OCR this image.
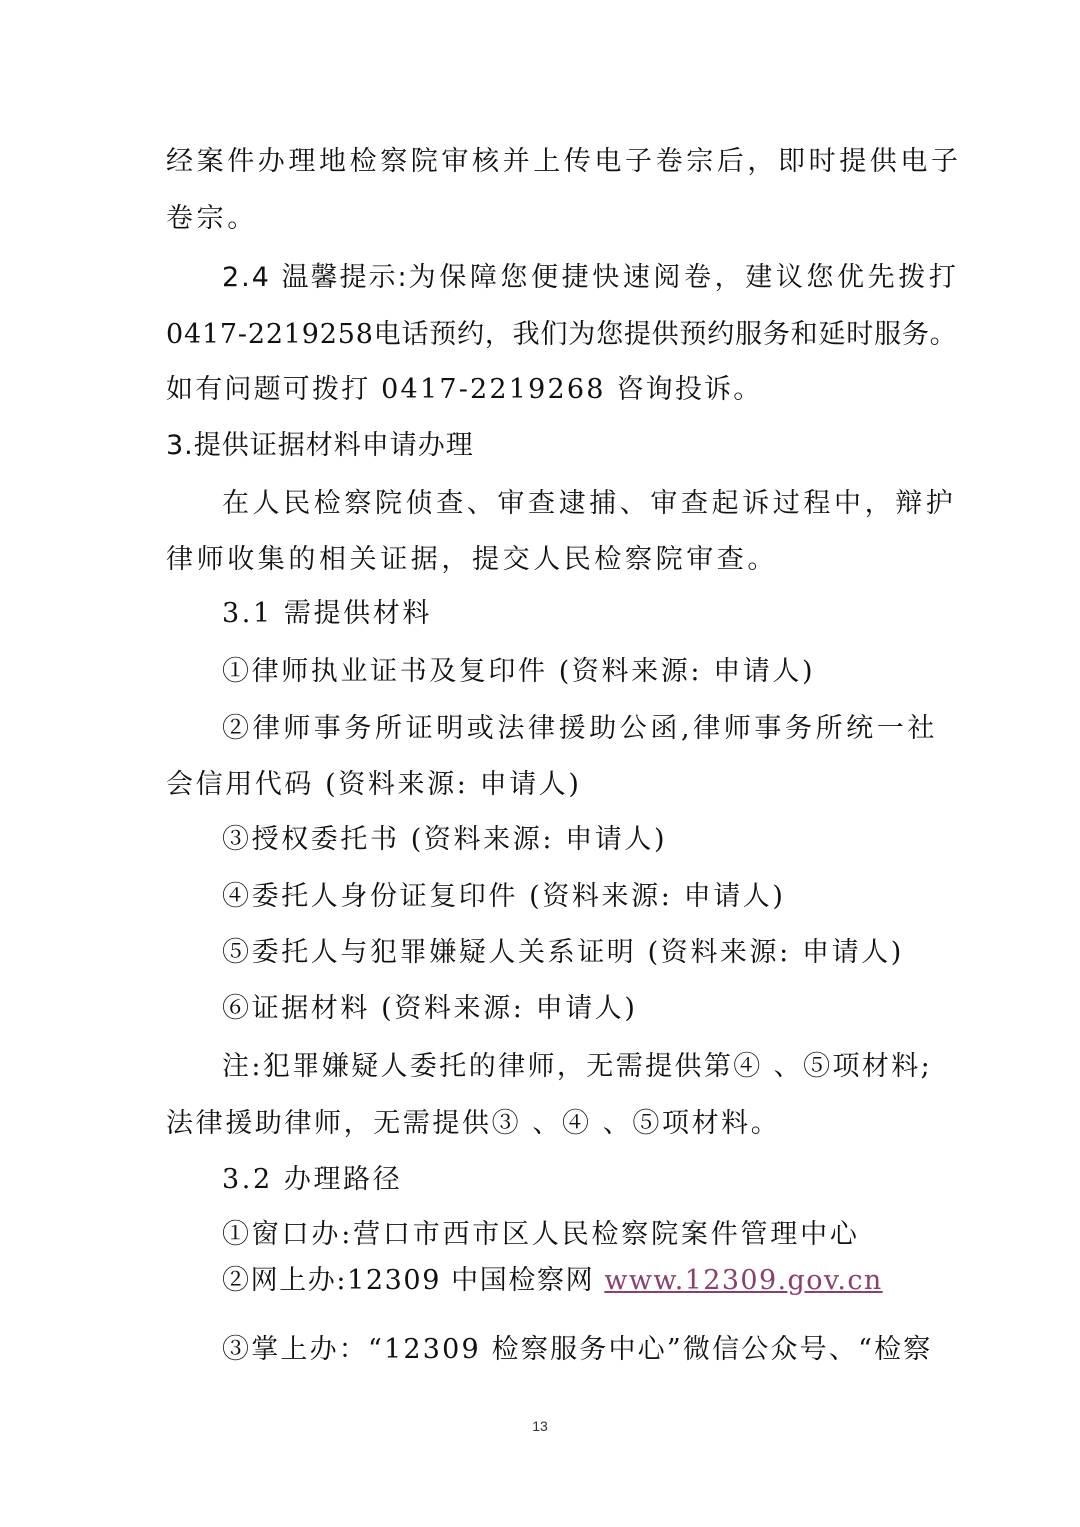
经案件办理地检察院审核并上传电子卷宗后，即时提供电子
卷宗。
2.4 温馨提示:为保障您便捷快速阅卷，建议您优先拨打
0417-2219258电话预约，我们为您提供预约服务和延时服务。
如有问题可拨打 0417-2219268 咨询投诉。
3.提供证据材料申请办理
在人民检察院侦查、审查逮捕、审查起诉过程中，辩护
律师收集的相关证据，提交人民检察院审查。
3.1 需提供材料
①律师执业证书及复印件 (资料来源: 申请人)
②律师事务所证明或法律援助公函,律师事务所统一社
会信用代码 (资料来源: 申请人)
③授权委托书 (资料来源: 申请人)
④委托人身份证复印件 (资料来源: 申请人)
⑤委托人与犯罪嫌疑人关系证明 (资料来源: 申请人)
⑥证据材料 (资料来源: 申请人)
注:犯罪嫌疑人委托的律师，无需提供第④ 、⑤项材料;
法律援助律师，无需提供③ 、④ 、⑤项材料。
3.2 办理路径
①窗口办:营口市西市区人民检察院案件管理中心
②网上办:12309 中国检察网 www.12309.gov.cn
③掌上办：“12309 检察服务中心”微信公众号、“检察
13
